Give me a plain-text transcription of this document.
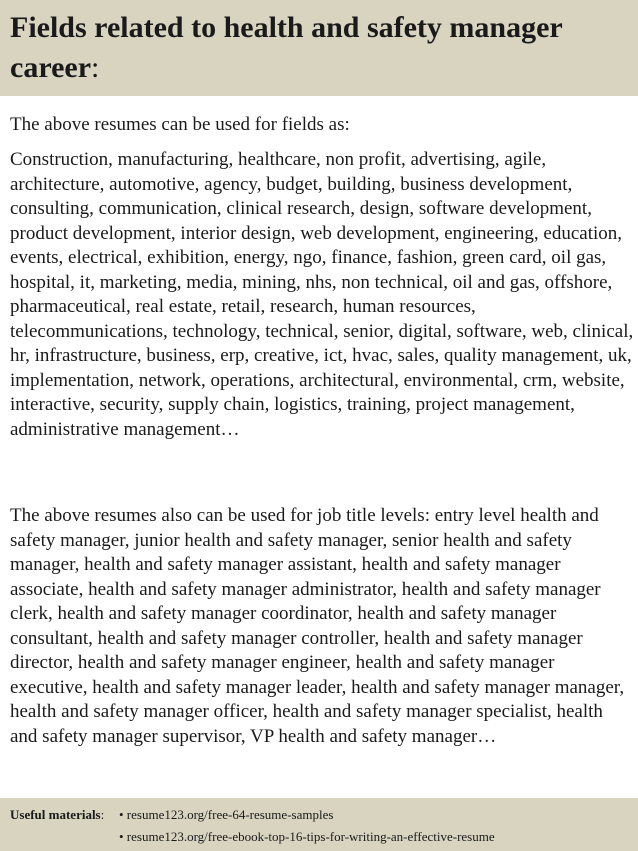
Fields related to health and safety manager career:

The above resumes can be used for fields as:

Construction, manufacturing, healthcare, non profit, advertising, agile, architecture, automotive, agency, budget, building, business development, consulting, communication, clinical research, design, software development, product development, interior design, web development, engineering, education, events, electrical, exhibition, energy, ngo, finance, fashion, green card, oil gas, hospital, it, marketing, media, mining, nhs, non technical, oil and gas, offshore, pharmaceutical, real estate, retail, research, human resources, telecommunications, technology, technical, senior, digital, software, web, clinical, hr, infrastructure, business, erp, creative, ict, hvac, sales, quality management, uk, implementation, network, operations, architectural, environmental, crm, website, interactive, security, supply chain, logistics, training, project management, administrative management…

The above resumes also can be used for job title levels: entry level health and safety manager, junior health and safety manager, senior health and safety manager, health and safety manager assistant, health and safety manager associate, health and safety manager administrator, health and safety manager clerk, health and safety manager coordinator, health and safety manager consultant, health and safety manager controller, health and safety manager director, health and safety manager engineer, health and safety manager executive, health and safety manager leader, health and safety manager manager, health and safety manager officer, health and safety manager specialist, health and safety manager supervisor, VP health and safety manager…

Useful materials: • resume123.org/free-64-resume-samples
• resume123.org/free-ebook-top-16-tips-for-writing-an-effective-resume
